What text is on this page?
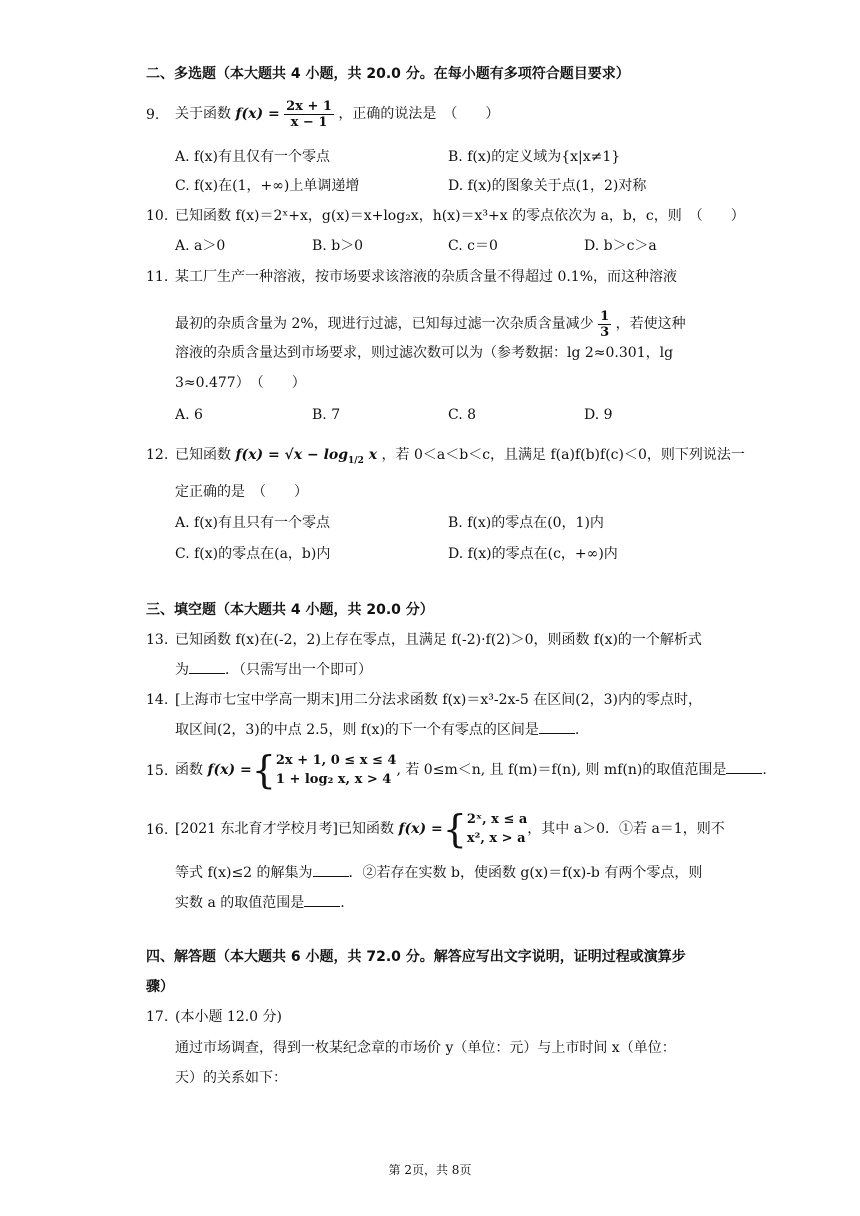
二、多选题（本大题共 4 小题，共 20.0 分。在每小题有多项符合题目要求）
9. 关于函数 $f(x) = \frac{2x + 1}{x - 1}$ ，正确的说法是　（　　）
A. f(x)有且仅有一个零点	B. f(x)的定义域为{x|x≠1}
C. f(x)在(1，+∞)上单调递增	D. f(x)的图象关于点(1，2)对称
10. 已知函数 f(x)＝2ˣ+x，g(x)＝x+log₂x，h(x)＝x³+x 的零点依次为 a，b，c，则　（　　）
A. a＞0	B. b＞0	C. c＝0	D. b＞c＞a
11. 某工厂生产一种溶液，按市场要求该溶液的杂质含量不得超过 0.1%，而这种溶液
最初的杂质含量为 2%，现进行过滤，已知每过滤一次杂质含量减少 $\frac{1}{3}$ ，若使这种
溶液的杂质含量达到市场要求，则过滤次数可以为（参考数据：lg 2≈0.301，lg
3≈0.477）　（　　）
A. 6	B. 7	C. 8	D. 9
12. 已知函数 $f(x) = √x - \log_{1/2} x$ ，若 0＜a＜b＜c，且满足 f(a)f(b)f(c)＜0，则下列说法一
定正确的是　（　　）
A. f(x)有且只有一个零点	B. f(x)的零点在(0，1)内
C. f(x)的零点在(a，b)内	D. f(x)的零点在(c，+∞)内
三、填空题（本大题共 4 小题，共 20.0 分）
13. 已知函数 f(x)在(-2，2)上存在零点，且满足 f(-2)·f(2)＞0，则函数 f(x)的一个解析式
为	．（只需写出一个即可）
14. [上海市七宝中学高一期末]用二分法求函数 f(x)＝x³-2x-5 在区间(2，3)内的零点时，
取区间(2，3)的中点 2.5，则 f(x)的下一个有零点的区间是	.
15. 函数 f(x) ={ 2x + 1, 0 ≤ x ≤ 4
1 + log₂ x, x > 4
, 若 0≤m＜n, 且 f(m)＝f(n), 则 mf(n)的取值范围是	.
16. [2021 东北育才学校月考]已知函数 f(x) ={ 2ˣ, x ≤ a
x², x > a
，其中 a＞0．①若 a＝1，则不
等式 f(x)≤2 的解集为	．②若存在实数 b，使函数 g(x)＝f(x)-b 有两个零点，则
实数 a 的取值范围是	.
四、解答题（本大题共 6 小题，共 72.0 分。解答应写出文字说明，证明过程或演算步
骤）
17. (本小题 12.0 分)
通过市场调查，得到一枚某纪念章的市场价 y（单位：元）与上市时间 x（单位：
天）的关系如下：
第 2页，共 8页
